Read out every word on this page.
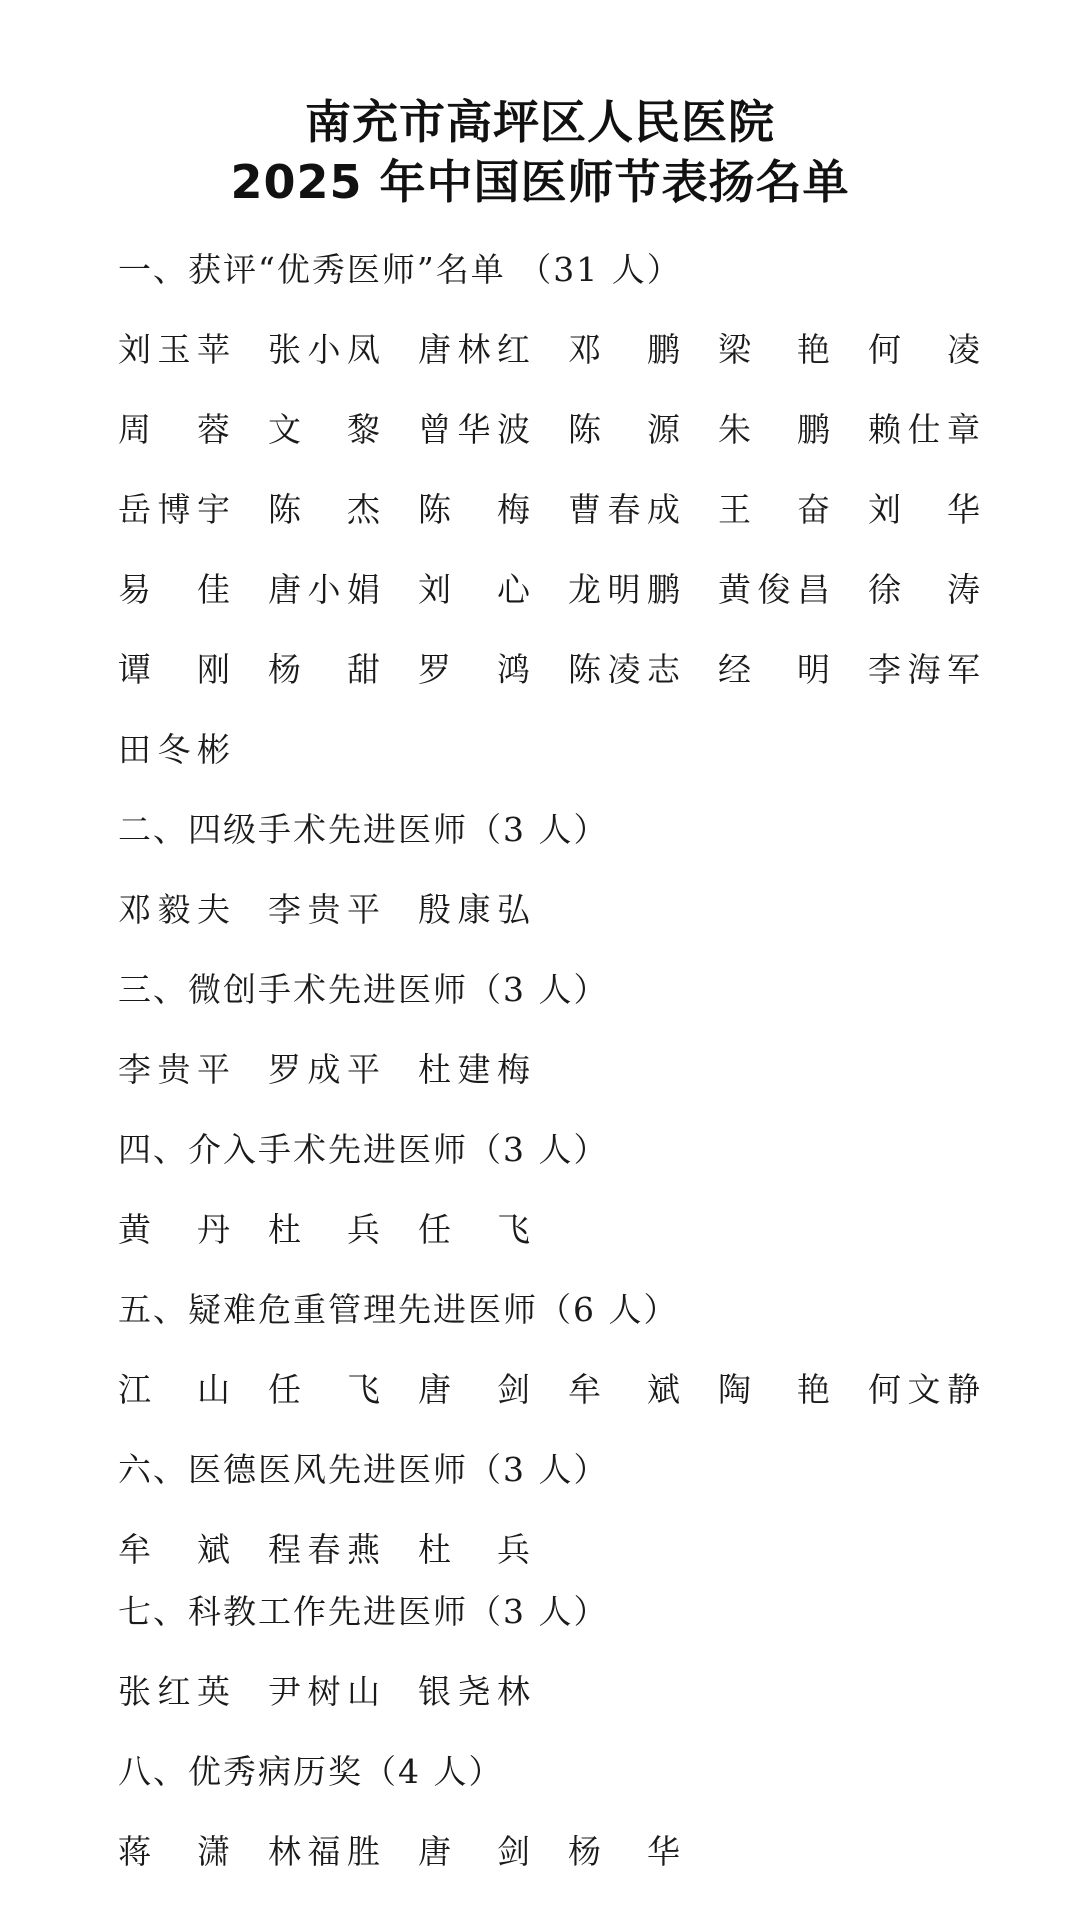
南充市高坪区人民医院
2025 年中国医师节表扬名单
一、获评“优秀医师”名单 （31 人）
刘 玉 苹 张 小 凤 唐 林 红 邓 鹏 梁 艳 何 凌
周 蓉 文 黎 曾 华 波 陈 源 朱 鹏 赖 仕 章
岳 博 宇 陈 杰 陈 梅 曹 春 成 王 奋 刘 华
易 佳 唐 小 娟 刘 心 龙 明 鹏 黄 俊 昌 徐 涛
谭 刚 杨 甜 罗 鸿 陈 凌 志 经 明 李 海 军
田 冬 彬
二、四级手术先进医师（3 人）
邓 毅 夫 李 贵 平 殷 康 弘
三、微创手术先进医师（3 人）
李 贵 平 罗 成 平 杜 建 梅
四、介入手术先进医师（3 人）
黄 丹 杜 兵 任 飞
五、疑难危重管理先进医师（6 人）
江 山 任 飞 唐 剑 牟 斌 陶 艳 何 文 静
六、医德医风先进医师（3 人）
牟 斌 程 春 燕 杜 兵
七、科教工作先进医师（3 人）
张 红 英 尹 树 山 银 尧 林
八、优秀病历奖（4 人）
蒋 潇 林 福 胜 唐 剑 杨 华
